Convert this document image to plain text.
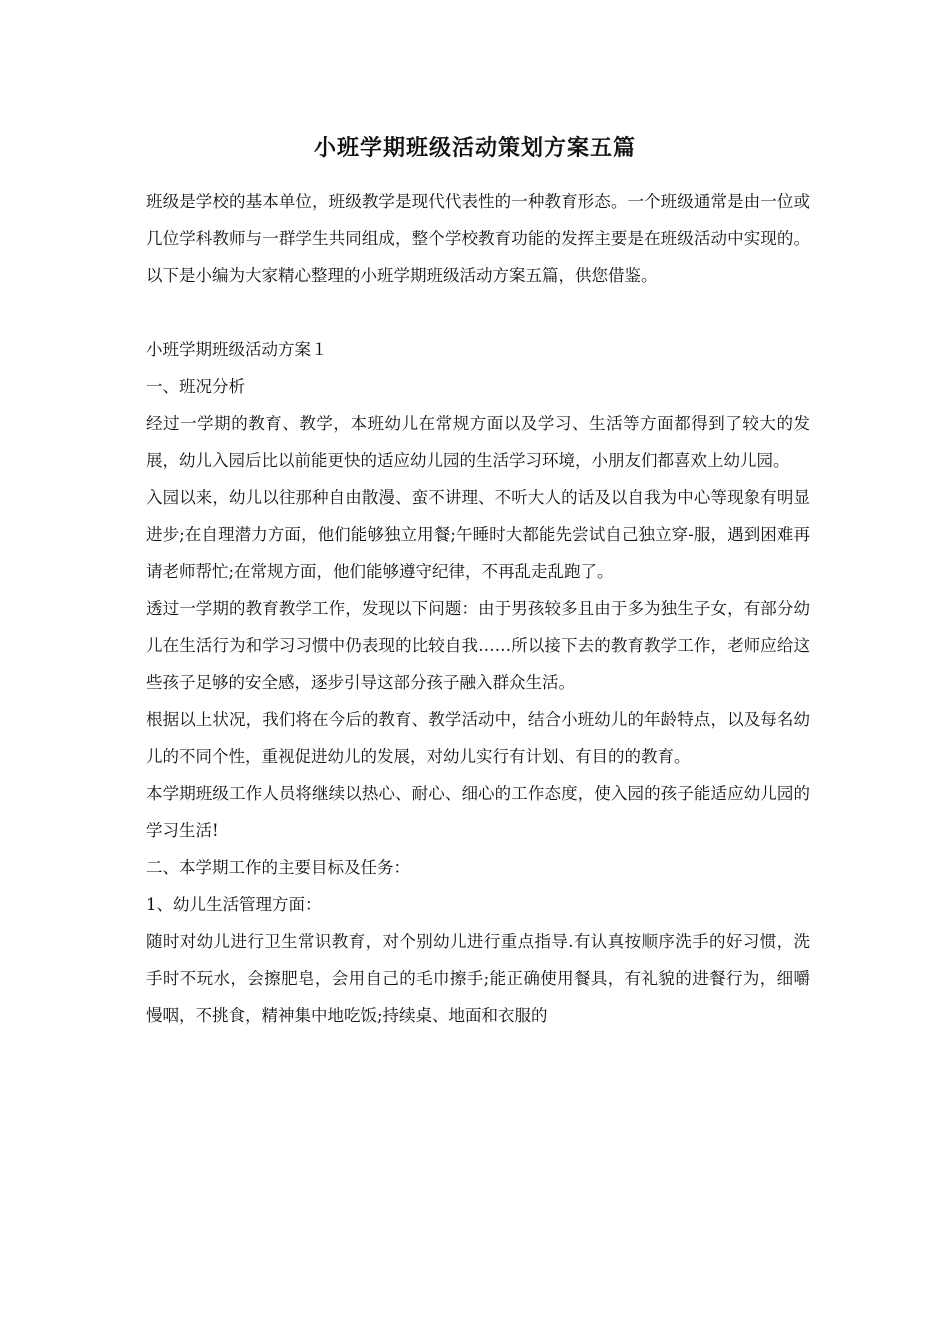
小班学期班级活动策划方案五篇

班级是学校的基本单位，班级教学是现代代表性的一种教育形态。一个班级通常是由一位或几位学科教师与一群学生共同组成，整个学校教育功能的发挥主要是在班级活动中实现的。以下是小编为大家精心整理的小班学期班级活动方案五篇，供您借鉴。

小班学期班级活动方案１

一、班况分析

经过一学期的教育、教学，本班幼儿在常规方面以及学习、生活等方面都得到了较大的发展，幼儿入园后比以前能更快的适应幼儿园的生活学习环境，小朋友们都喜欢上幼儿园。

入园以来，幼儿以往那种自由散漫、蛮不讲理、不听大人的话及以自我为中心等现象有明显进步;在自理潜力方面，他们能够独立用餐;午睡时大都能先尝试自己独立穿-服，遇到困难再请老师帮忙;在常规方面，他们能够遵守纪律，不再乱走乱跑了。

透过一学期的教育教学工作，发现以下问题：由于男孩较多且由于多为独生子女，有部分幼儿在生活行为和学习习惯中仍表现的比较自我……所以接下去的教育教学工作，老师应给这些孩子足够的安全感，逐步引导这部分孩子融入群众生活。

根据以上状况，我们将在今后的教育、教学活动中，结合小班幼儿的年龄特点，以及每名幼儿的不同个性，重视促进幼儿的发展，对幼儿实行有计划、有目的的教育。

本学期班级工作人员将继续以热心、耐心、细心的工作态度，使入园的孩子能适应幼儿园的学习生活!

二、本学期工作的主要目标及任务：

1、幼儿生活管理方面：

随时对幼儿进行卫生常识教育，对个别幼儿进行重点指导.有认真按顺序洗手的好习惯，洗手时不玩水，会擦肥皂，会用自己的毛巾擦手;能正确使用餐具，有礼貌的进餐行为，细嚼慢咽，不挑食，精神集中地吃饭;持续桌、地面和衣服的
